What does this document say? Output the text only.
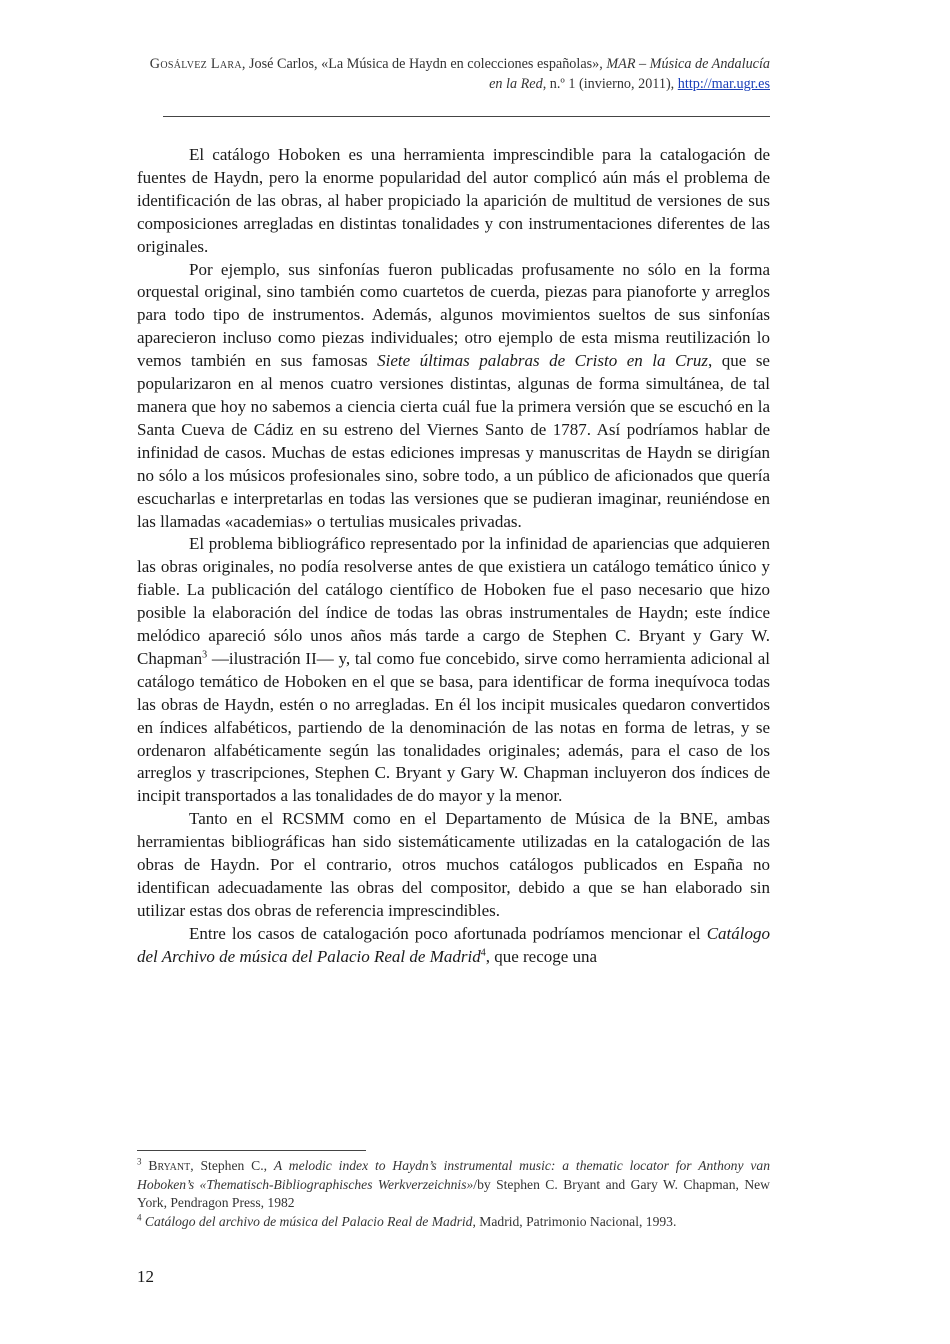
Gosálvez Lara, José Carlos, «La Música de Haydn en colecciones españolas», MAR – Música de Andalucía en la Red, n.º 1 (invierno, 2011), http://mar.ugr.es

El catálogo Hoboken es una herramienta imprescindible para la catalogación de fuentes de Haydn, pero la enorme popularidad del autor complicó aún más el problema de identificación de las obras, al haber propiciado la aparición de multitud de versiones de sus composiciones arregladas en distintas tonalidades y con instrumentaciones diferentes de las originales.

Por ejemplo, sus sinfonías fueron publicadas profusamente no sólo en la forma orquestal original, sino también como cuartetos de cuerda, piezas para pianoforte y arreglos para todo tipo de instrumentos. Además, algunos movimientos sueltos de sus sinfonías aparecieron incluso como piezas individuales; otro ejemplo de esta misma reutilización lo vemos también en sus famosas Siete últimas palabras de Cristo en la Cruz, que se popularizaron en al menos cuatro versiones distintas, algunas de forma simultánea, de tal manera que hoy no sabemos a ciencia cierta cuál fue la primera versión que se escuchó en la Santa Cueva de Cádiz en su estreno del Viernes Santo de 1787. Así podríamos hablar de infinidad de casos. Muchas de estas ediciones impresas y manuscritas de Haydn se dirigían no sólo a los músicos profesionales sino, sobre todo, a un público de aficionados que quería escucharlas e interpretarlas en todas las versiones que se pudieran imaginar, reuniéndose en las llamadas «academias» o tertulias musicales privadas.

El problema bibliográfico representado por la infinidad de apariencias que adquieren las obras originales, no podía resolverse antes de que existiera un catálogo temático único y fiable. La publicación del catálogo científico de Hoboken fue el paso necesario que hizo posible la elaboración del índice de todas las obras instrumentales de Haydn; este índice melódico apareció sólo unos años más tarde a cargo de Stephen C. Bryant y Gary W. Chapman$^3$ —ilustración II— y, tal como fue concebido, sirve como herramienta adicional al catálogo temático de Hoboken en el que se basa, para identificar de forma inequívoca todas las obras de Haydn, estén o no arregladas. En él los incipit musicales quedaron convertidos en índices alfabéticos, partiendo de la denominación de las notas en forma de letras, y se ordenaron alfabéticamente según las tonalidades originales; además, para el caso de los arreglos y trascripciones, Stephen C. Bryant y Gary W. Chapman incluyeron dos índices de incipit transportados a las tonalidades de do mayor y la menor.

Tanto en el RCSMM como en el Departamento de Música de la BNE, ambas herramientas bibliográficas han sido sistemáticamente utilizadas en la catalogación de las obras de Haydn. Por el contrario, otros muchos catálogos publicados en España no identifican adecuadamente las obras del compositor, debido a que se han elaborado sin utilizar estas dos obras de referencia imprescindibles.

Entre los casos de catalogación poco afortunada podríamos mencionar el Catálogo del Archivo de música del Palacio Real de Madrid$^4$, que recoge una

$^3$ Bryant, Stephen C., A melodic index to Haydn’s instrumental music: a thematic locator for Anthony van Hoboken’s «Thematisch-Bibliographisches Werkverzeichnis»/by Stephen C. Bryant and Gary W. Chapman, New York, Pendragon Press, 1982

$^4$ Catálogo del archivo de música del Palacio Real de Madrid, Madrid, Patrimonio Nacional, 1993.

12
